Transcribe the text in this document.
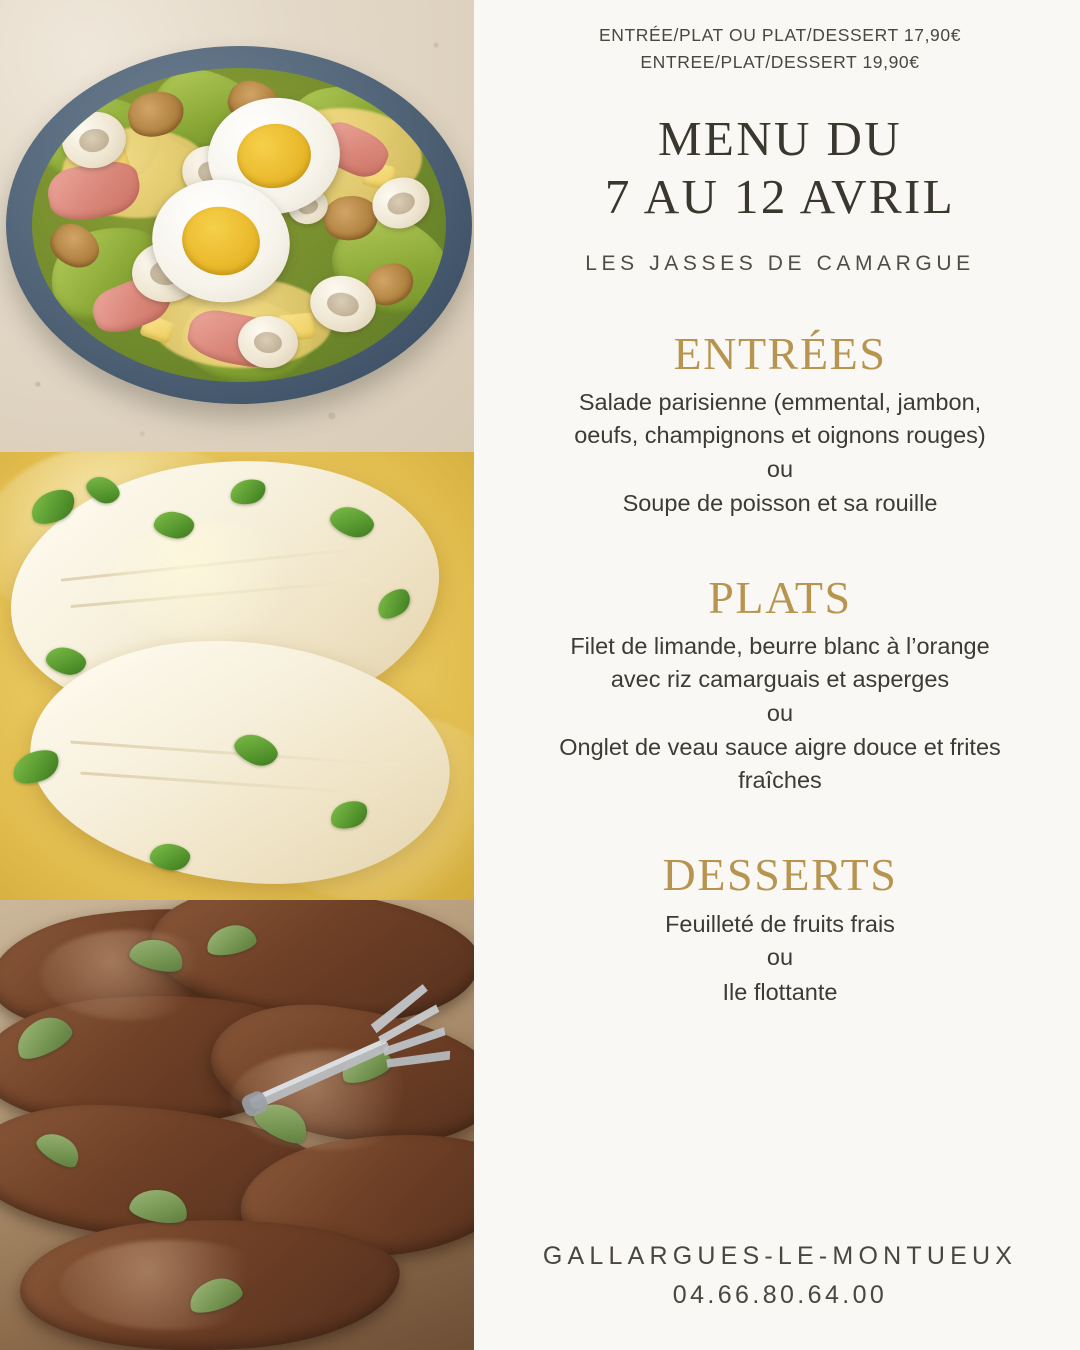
ENTRÉE/PLAT OU PLAT/DESSERT 17,90€
ENTREE/PLAT/DESSERT 19,90€
MENU DU
7 AU 12 AVRIL
LES JASSES DE CAMARGUE
ENTRÉES
Salade parisienne (emmental, jambon,
oeufs, champignons et oignons rouges)
ou
Soupe de poisson et sa rouille
PLATS
Filet de limande, beurre blanc à l’orange
avec riz camarguais et asperges
ou
Onglet de veau sauce aigre douce et frites
fraîches
DESSERTS
Feuilleté de fruits frais
ou
Ile flottante
GALLARGUES-LE-MONTUEUX
04.66.80.64.00
